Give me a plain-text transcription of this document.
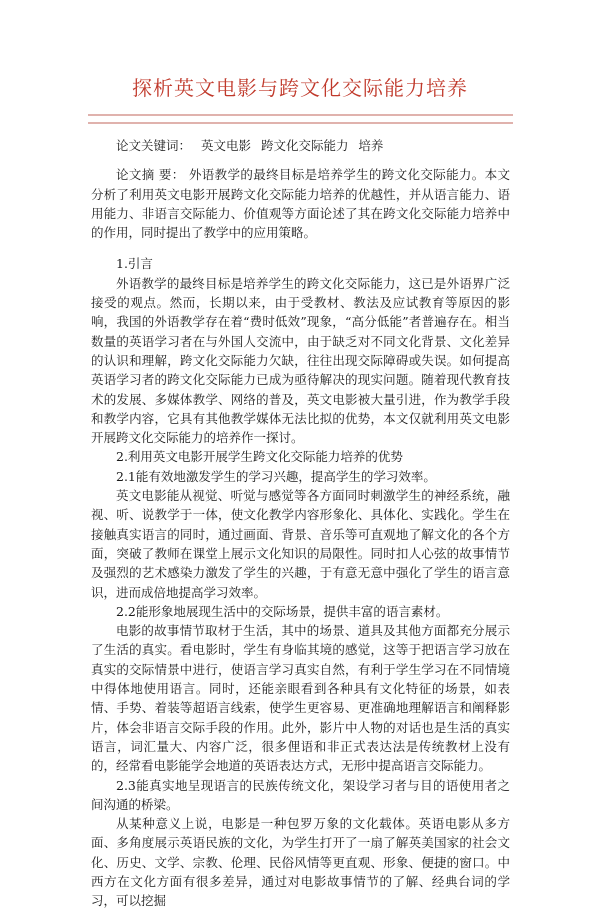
探析英文电影与跨文化交际能力培养

论文关键词： 英文电影 跨文化交际能力 培养

论文摘 要： 外语教学的最终目标是培养学生的跨文化交际能力。本文分析了利用英文电影开展跨文化交际能力培养的优越性，并从语言能力、语用能力、非语言交际能力、价值观等方面论述了其在跨文化交际能力培养中的作用，同时提出了教学中的应用策略。

1.引言

外语教学的最终目标是培养学生的跨文化交际能力，这已是外语界广泛接受的观点。然而，长期以来，由于受教材、教法及应试教育等原因的影响，我国的外语教学存在着“费时低效”现象，“高分低能”者普遍存在。相当数量的英语学习者在与外国人交流中，由于缺乏对不同文化背景、文化差异的认识和理解，跨文化交际能力欠缺，往往出现交际障碍或失误。如何提高英语学习者的跨文化交际能力已成为亟待解决的现实问题。随着现代教育技术的发展、多媒体教学、网络的普及，英文电影被大量引进，作为教学手段和教学内容，它具有其他教学媒体无法比拟的优势，本文仅就利用英文电影开展跨文化交际能力的培养作一探讨。

2.利用英文电影开展学生跨文化交际能力培养的优势

2.1能有效地激发学生的学习兴趣，提高学生的学习效率。

英文电影能从视觉、听觉与感觉等各方面同时刺激学生的神经系统，融视、听、说教学于一体，使文化教学内容形象化、具体化、实践化。学生在接触真实语言的同时，通过画面、背景、音乐等可直观地了解文化的各个方面，突破了教师在课堂上展示文化知识的局限性。同时扣人心弦的故事情节及强烈的艺术感染力激发了学生的兴趣，于有意无意中强化了学生的语言意识，进而成倍地提高学习效率。

2.2能形象地展现生活中的交际场景，提供丰富的语言素材。

电影的故事情节取材于生活，其中的场景、道具及其他方面都充分展示了生活的真实。看电影时，学生有身临其境的感觉，这等于把语言学习放在真实的交际情景中进行，使语言学习真实自然，有利于学生学习在不同情境中得体地使用语言。同时，还能亲眼看到各种具有文化特征的场景，如表情、手势、着装等超语言线索，使学生更容易、更准确地理解语言和阐释影片，体会非语言交际手段的作用。此外，影片中人物的对话也是生活的真实语言，词汇量大、内容广泛，很多俚语和非正式表达法是传统教材上没有的，经常看电影能学会地道的英语表达方式，无形中提高语言交际能力。

2.3能真实地呈现语言的民族传统文化，架设学习者与目的语使用者之间沟通的桥梁。

从某种意义上说，电影是一种包罗万象的文化载体。英语电影从多方面、多角度展示英语民族的文化，为学生打开了一扇了解英美国家的社会文化、历史、文学、宗教、伦理、民俗风情等更直观、形象、便捷的窗口。中西方在文化方面有很多差异，通过对电影故事情节的了解、经典台词的学习，可以挖掘
